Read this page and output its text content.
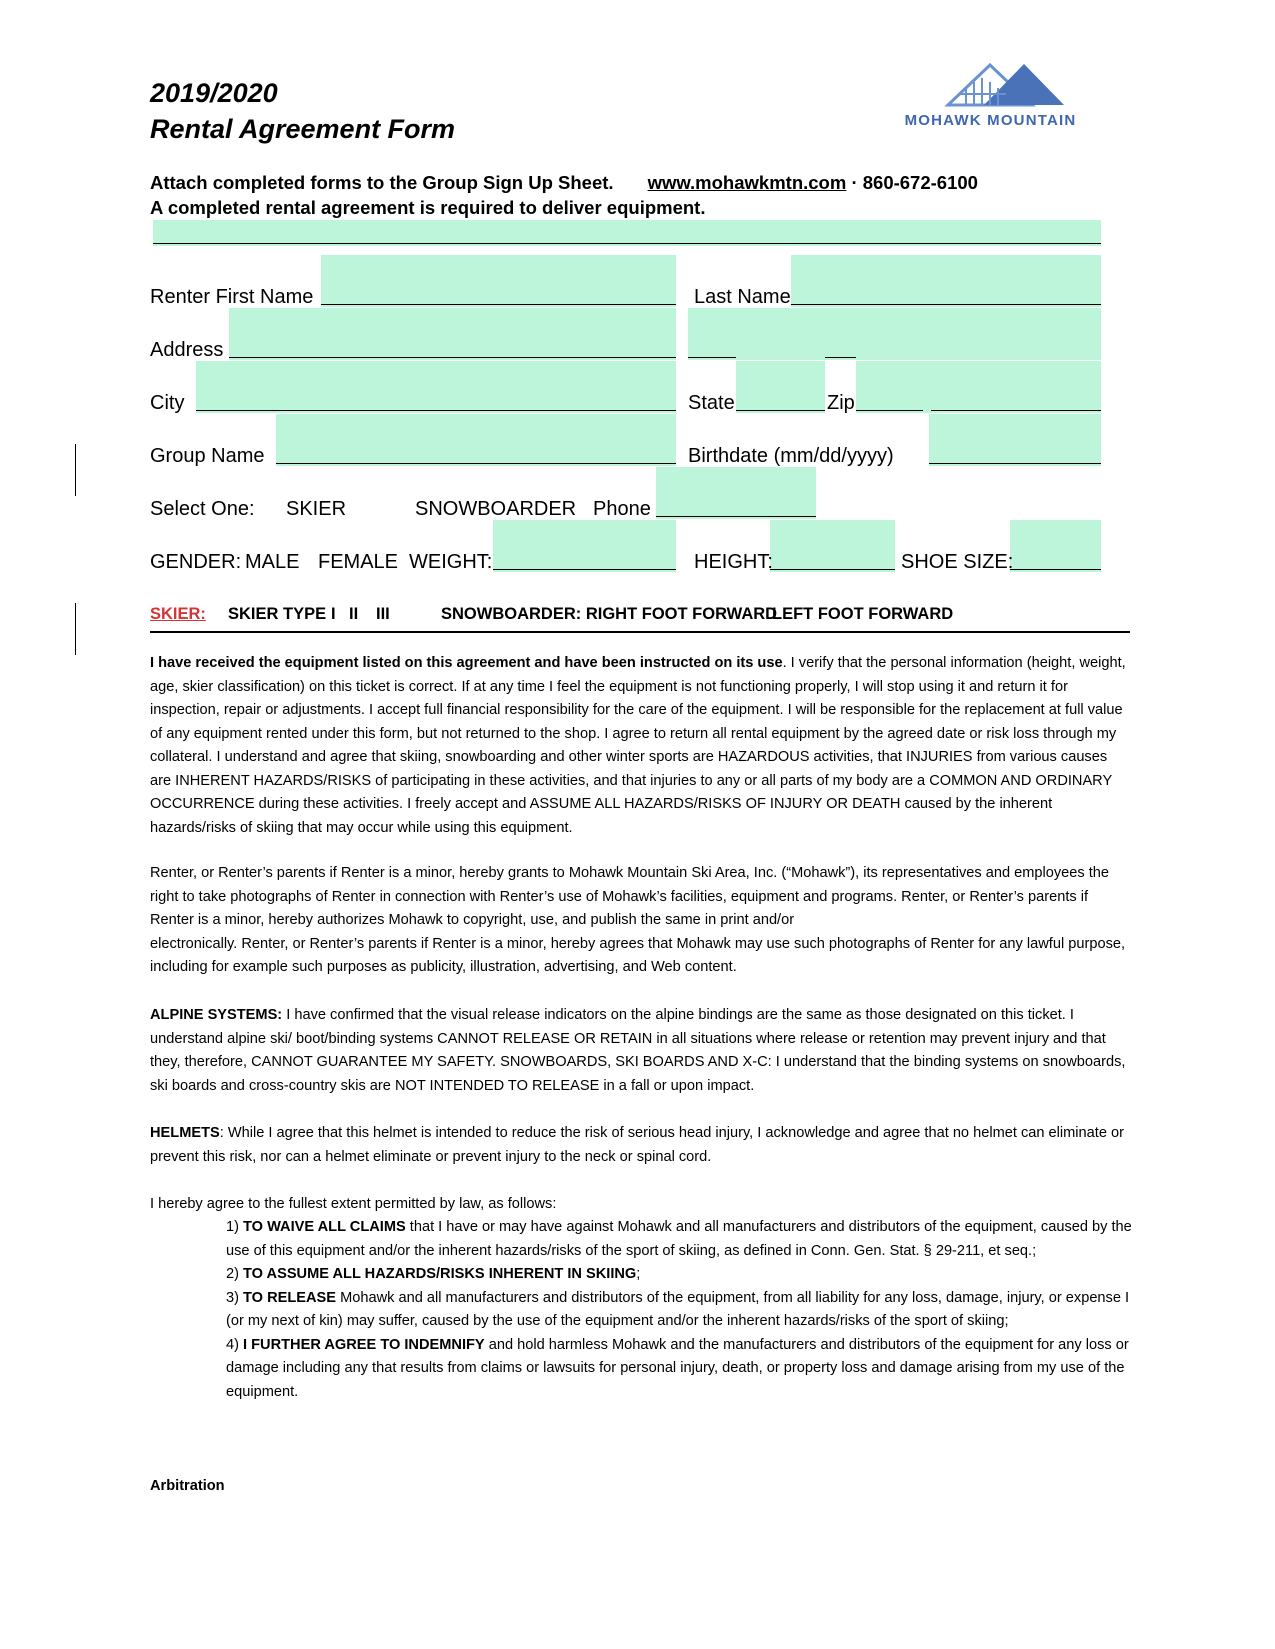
2019/2020
Rental Agreement Form	MOHAWK MOUNTAIN
Attach completed forms to the Group Sign Up Sheet. www.mohawkmtn.com · 860-672-6100
A completed rental agreement is required to deliver equipment.
Renter First Name	Last Name
Address
City	State	Zip
Group Name	Birthdate (mm/dd/yyyy)
Select One: SKIER	SNOWBOARDER Phone
GENDER: MALE FEMALE WEIGHT:	HEIGHT:	SHOE SIZE:
SKIER: SKIER TYPE I II III	SNOWBOARDER: RIGHT FOOT FORWARD
LEFT FOOT FORWARD
I have received the equipment listed on this agreement and have been instructed on its use. I verify that the personal information (height, weight, age, skier classification) on this ticket is correct. If at any time I feel the equipment is not functioning properly, I will stop using it and return it for inspection, repair or adjustments. I accept full financial responsibility for the care of the equipment. I will be responsible for the replacement at full value of any equipment rented under this form, but not returned to the shop. I agree to return all rental equipment by the agreed date or risk loss through my collateral. I understand and agree that skiing, snowboarding and other winter sports are HAZARDOUS activities, that INJURIES from various causes are INHERENT HAZARDS/RISKS of participating in these activities, and that injuries to any or all parts of my body are a COMMON AND ORDINARY OCCURRENCE during these activities. I freely accept and ASSUME ALL HAZARDS/RISKS OF INJURY OR DEATH caused by the inherent hazards/risks of skiing that may occur while using this equipment.
Renter, or Renter’s parents if Renter is a minor, hereby grants to Mohawk Mountain Ski Area, Inc. (“Mohawk”), its representatives and employees the right to take photographs of Renter in connection with Renter’s use of Mohawk’s facilities, equipment and programs. Renter, or Renter’s parents if Renter is a minor, hereby authorizes Mohawk to copyright, use, and publish the same in print and/or
electronically. Renter, or Renter’s parents if Renter is a minor, hereby agrees that Mohawk may use such photographs of Renter for any lawful purpose, including for example such purposes as publicity, illustration, advertising, and Web content.
ALPINE SYSTEMS: I have confirmed that the visual release indicators on the alpine bindings are the same as those designated on this ticket. I understand alpine ski/ boot/binding systems CANNOT RELEASE OR RETAIN in all situations where release or retention may prevent injury and that they, therefore, CANNOT GUARANTEE MY SAFETY. SNOWBOARDS, SKI BOARDS AND X-C: I understand that the binding systems on snowboards, ski boards and cross-country skis are NOT INTENDED TO RELEASE in a fall or upon impact.
HELMETS: While I agree that this helmet is intended to reduce the risk of serious head injury, I acknowledge and agree that no helmet can eliminate or prevent this risk, nor can a helmet eliminate or prevent injury to the neck or spinal cord.
I hereby agree to the fullest extent permitted by law, as follows:
1) TO WAIVE ALL CLAIMS that I have or may have against Mohawk and all manufacturers and distributors of the equipment, caused by the use of this equipment and/or the inherent hazards/risks of the sport of skiing, as defined in Conn. Gen. Stat. § 29-211, et seq.;
2) TO ASSUME ALL HAZARDS/RISKS INHERENT IN SKIING;
3) TO RELEASE Mohawk and all manufacturers and distributors of the equipment, from all liability for any loss, damage, injury, or expense I (or my next of kin) may suffer, caused by the use of the equipment and/or the inherent hazards/risks of the sport of skiing;
4) I FURTHER AGREE TO INDEMNIFY and hold harmless Mohawk and the manufacturers and distributors of the equipment for any loss or damage including any that results from claims or lawsuits for personal injury, death, or property loss and damage arising from my use of the equipment.
Arbitration
